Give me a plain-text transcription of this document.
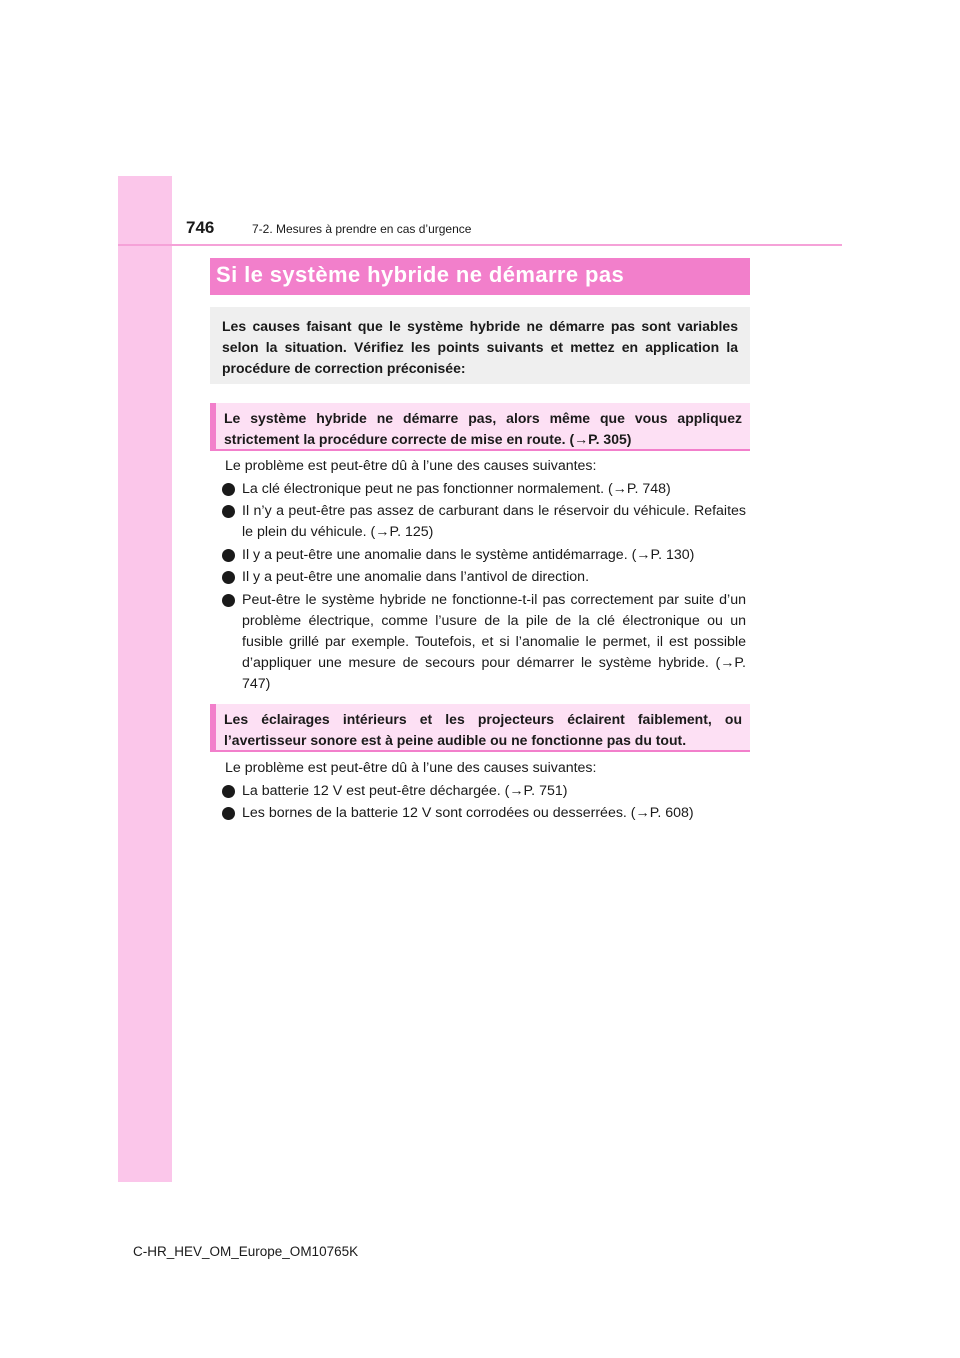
746	7-2. Mesures à prendre en cas d’urgence
Si le système hybride ne démarre pas
Les causes faisant que le système hybride ne démarre pas sont variables selon la situation. Vérifiez les points suivants et mettez en application la procédure de correction préconisée:
Le système hybride ne démarre pas, alors même que vous appliquez strictement la procédure correcte de mise en route. (→P. 305)
Le problème est peut-être dû à l’une des causes suivantes:
La clé électronique peut ne pas fonctionner normalement. (→P. 748)
Il n’y a peut-être pas assez de carburant dans le réservoir du véhicule. Refaites le plein du véhicule. (→P. 125)
Il y a peut-être une anomalie dans le système antidémarrage. (→P. 130)
Il y a peut-être une anomalie dans l’antivol de direction.
Peut-être le système hybride ne fonctionne-t-il pas correctement par suite d’un problème électrique, comme l’usure de la pile de la clé électronique ou un fusible grillé par exemple. Toutefois, et si l’anomalie le permet, il est possible d’appliquer une mesure de secours pour démarrer le système hybride. (→P. 747)
Les éclairages intérieurs et les projecteurs éclairent faiblement, ou l’avertisseur sonore est à peine audible ou ne fonctionne pas du tout.
Le problème est peut-être dû à l’une des causes suivantes:
La batterie 12 V est peut-être déchargée. (→P. 751)
Les bornes de la batterie 12 V sont corrodées ou desserrées. (→P. 608)
C-HR_HEV_OM_Europe_OM10765K
